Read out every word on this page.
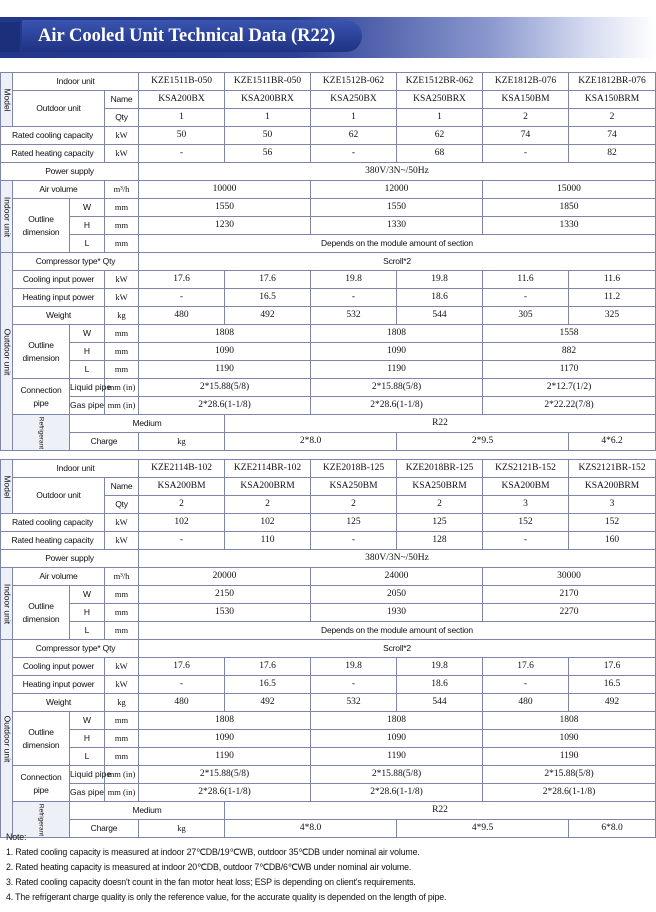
Air Cooled Unit Technical Data (R22)
Model	Indoor unit			KZE1511B-050	KZE1511BR-050	KZE1512B-062	KZE1512BR-062	KZE1812B-076	KZE1812BR-076
	Outdoor unit		Name	KSA200BX	KSA200BRX	KSA250BX	KSA250BRX	KSA150BM	KSA150BRM
			Qty	1	1	1	1	2	2
Rated cooling capacity			kW	50	50	62	62	74	74
Rated heating capacity			kW	-	56	-	68	-	82
Power supply				380V/3N~/50Hz					

Indoor unit	Air volume		m³/h	10000		12000		15000	
	Outline dimension	W	mm	1550		1550		1850	
		H	mm	1230		1330		1330	
		L	mm	Depends on the module amount of section					

Outdoor unit	Compressor type* Qty			Scroll*2					
	Cooling input power		kW	17.6	17.6	19.8	19.8	11.6	11.6
	Heating input power		kW	-	16.5	-	18.6	-	11.2
	Weight		kg	480	492	532	544	305	325
	Outline dimension	W	mm	1808		1808		1558	
		H	mm	1090		1090		882	
		L	mm	1190		1190		1170	
	Connection pipe	Liquid pipe	mm (in)	2*15.88(5/8)		2*15.88(5/8)		2*12.7(1/2)	
		Gas pipe	mm (in)	2*28.6(1-1/8)		2*28.6(1-1/8)		2*22.22(7/8)	

	Refrigerant	Medium			R22				
		Charge		kg	2*8.0		2*9.5		4*6.2
Model	Indoor unit			KZE2114B-102	KZE2114BR-102	KZE2018B-125	KZE2018BR-125	KZS2121B-152	KZS2121BR-152
	Outdoor unit		Name	KSA200BM	KSA200BRM	KSA250BM	KSA250BRM	KSA200BM	KSA200BRM
			Qty	2	2	2	2	3	3
Rated cooling capacity			kW	102	102	125	125	152	152
Rated heating capacity			kW	-	110	-	128	-	160
Power supply				380V/3N~/50Hz					

Indoor unit	Air volume		m³/h	20000		24000		30000	
	Outline dimension	W	mm	2150		2050		2170	
		H	mm	1530		1930		2270	
		L	mm	Depends on the module amount of section					

Outdoor unit	Compressor type* Qty			Scroll*2					
	Cooling input power		kW	17.6	17.6	19.8	19.8	17.6	17.6
	Heating input power		kW	-	16.5	-	18.6	-	16.5
	Weight		kg	480	492	532	544	480	492
	Outline dimension	W	mm	1808		1808		1808	
		H	mm	1090		1090		1090	
		L	mm	1190		1190		1190	
	Connection pipe	Liquid pipe	mm (in)	2*15.88(5/8)		2*15.88(5/8)		2*15.88(5/8)	
		Gas pipe	mm (in)	2*28.6(1-1/8)		2*28.6(1-1/8)		2*28.6(1-1/8)	

	Refrigerant	Medium			R22				
		Charge		kg	4*8.0		4*9.5		6*8.0
Note:
1. Rated cooling capacity is measured at indoor 27℃DB/19℃WB, outdoor 35℃DB under nominal air volume.
2. Rated heating capacity is measured at indoor 20℃DB, outdoor 7℃DB/6℃WB under nominal air volume.
3. Rated cooling capacity doesn't count in the fan motor heat loss; ESP is depending on client's requirements.
4. The refrigerant charge quality is only the reference value, for the accurate quality is depended on the length of pipe.
